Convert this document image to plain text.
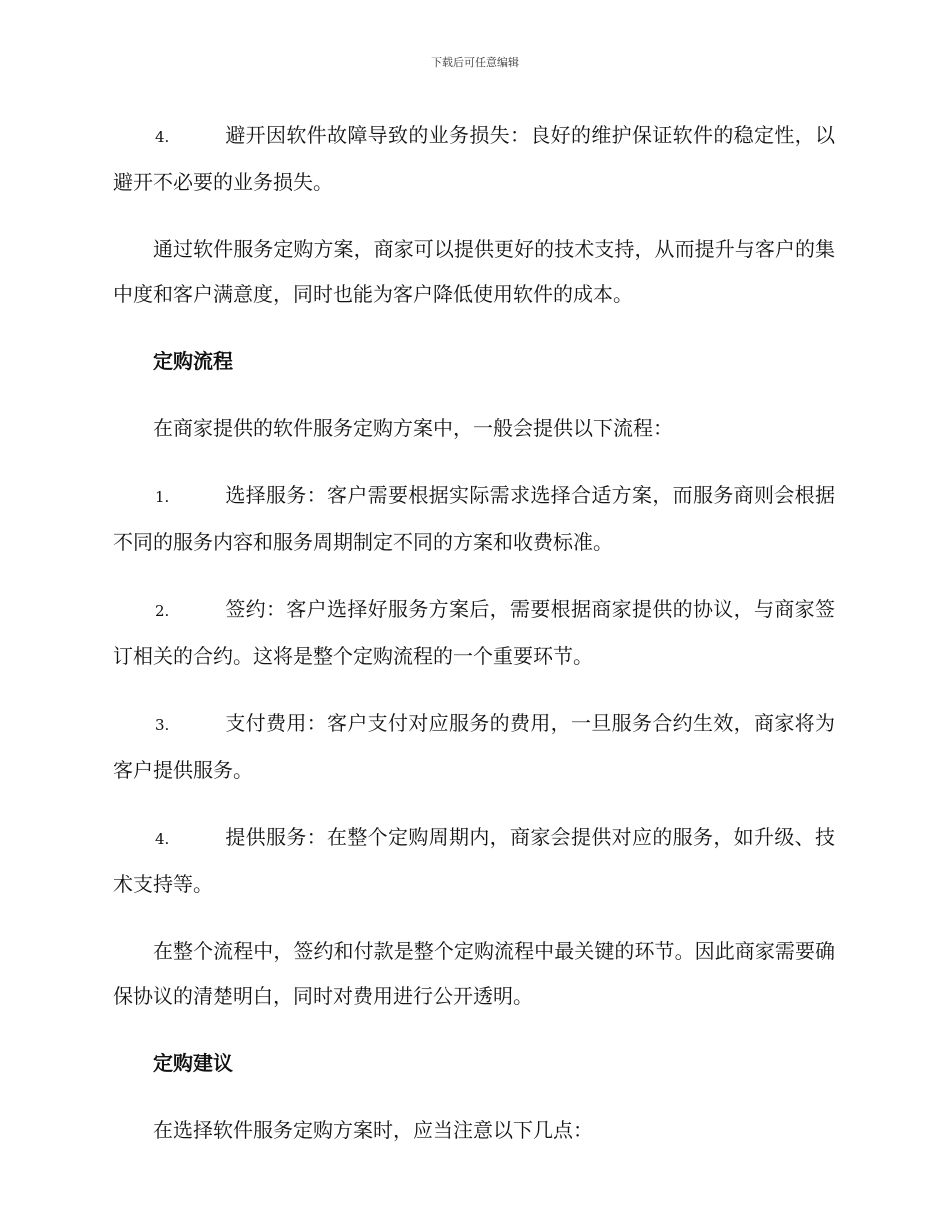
下载后可任意编辑

4.	避开因软件故障导致的业务损失：良好的维护保证软件的稳定性，以避开不必要的业务损失。

通过软件服务定购方案，商家可以提供更好的技术支持，从而提升与客户的集中度和客户满意度，同时也能为客户降低使用软件的成本。

定购流程

在商家提供的软件服务定购方案中，一般会提供以下流程：

1.	选择服务：客户需要根据实际需求选择合适方案，而服务商则会根据不同的服务内容和服务周期制定不同的方案和收费标准。

2.	签约：客户选择好服务方案后，需要根据商家提供的协议，与商家签订相关的合约。这将是整个定购流程的一个重要环节。

3.	支付费用：客户支付对应服务的费用，一旦服务合约生效，商家将为客户提供服务。

4.	提供服务：在整个定购周期内，商家会提供对应的服务，如升级、技术支持等。

在整个流程中，签约和付款是整个定购流程中最关键的环节。因此商家需要确保协议的清楚明白，同时对费用进行公开透明。

定购建议

在选择软件服务定购方案时，应当注意以下几点：
